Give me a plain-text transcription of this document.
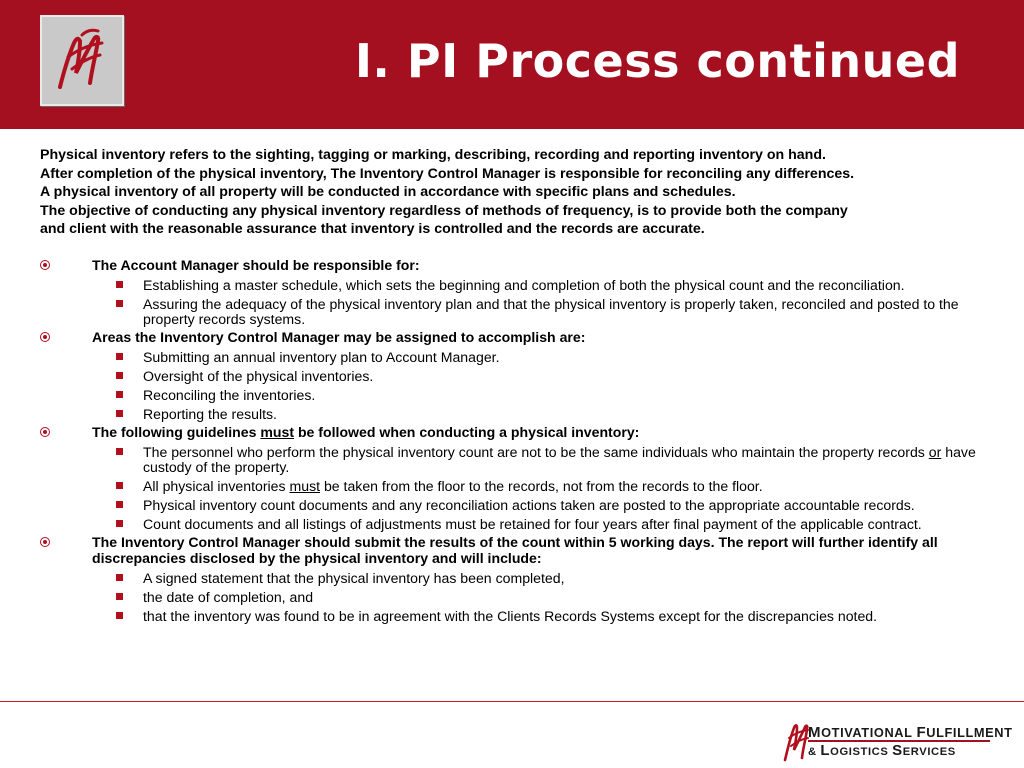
I. PI Process continued
Physical inventory refers to the sighting, tagging or marking, describing, recording and reporting inventory on hand.
After completion of the physical inventory, The Inventory Control Manager is responsible for reconciling any differences.
A physical inventory of all property will be conducted in accordance with specific plans and schedules.
The objective of conducting any physical inventory regardless of methods of frequency, is to provide both the company
and client with the reasonable assurance that inventory is controlled and the records are accurate.
The Account Manager should be responsible for:
Establishing a master schedule, which sets the beginning and completion of both the physical count and the reconciliation.
Assuring the adequacy of the physical inventory plan and that the physical inventory is properly taken, reconciled and posted to the property records systems.
Areas the Inventory Control Manager may be assigned to accomplish are:
Submitting an annual inventory plan to Account Manager.
Oversight of the physical inventories.
Reconciling the inventories.
Reporting the results.
The following guidelines must be followed when conducting a physical inventory:
The personnel who perform the physical inventory count are not to be the same individuals who maintain the property records or have custody of the property.
All physical inventories must be taken from the floor to the records, not from the records to the floor.
Physical inventory count documents and any reconciliation actions taken are posted to the appropriate accountable records.
Count documents and all listings of adjustments must be retained for four years after final payment of the applicable contract.
The Inventory Control Manager should submit the results of the count within 5 working days. The report will further identify all discrepancies disclosed by the physical inventory and will include:
A signed statement that the physical inventory has been completed,
the date of completion, and
that the inventory was found to be in agreement with the Clients Records Systems except for the discrepancies noted.
MOTIVATIONAL FULFILLMENT
& LOGISTICS SERVICES
